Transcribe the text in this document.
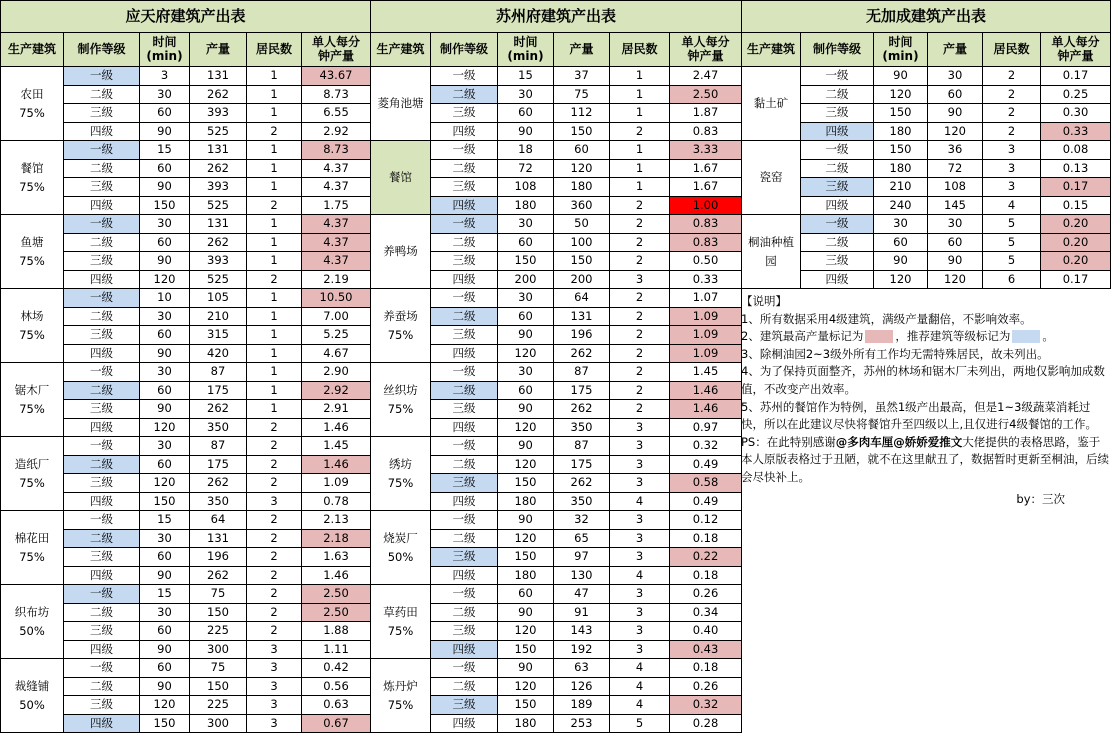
应天府建筑产出表					
生产建筑	制作等级	时间
(min)	产量	居民数	单人每分
钟产量
农田
75%	一级	3	131	1	43.67
	二级	30	262	1	8.73
	三级	60	393	1	6.55
	四级	90	525	2	2.92
餐馆
75%	一级	15	131	1	8.73
	二级	60	262	1	4.37
	三级	90	393	1	4.37
	四级	150	525	2	1.75
鱼塘
75%	一级	30	131	1	4.37
	二级	60	262	1	4.37
	三级	90	393	1	4.37
	四级	120	525	2	2.19
林场
75%	一级	10	105	1	10.50
	二级	30	210	1	7.00
	三级	60	315	1	5.25
	四级	90	420	1	4.67
锯木厂
75%	一级	30	87	1	2.90
	二级	60	175	1	2.92
	三级	90	262	1	2.91
	四级	120	350	2	1.46
造纸厂
75%	一级	30	87	2	1.45
	二级	60	175	2	1.46
	三级	120	262	2	1.09
	四级	150	350	3	0.78
棉花田
75%	一级	15	64	2	2.13
	二级	30	131	2	2.18
	三级	60	196	2	1.63
	四级	90	262	2	1.46
织布坊
50%	一级	15	75	2	2.50
	二级	30	150	2	2.50
	三级	60	225	2	1.88
	四级	90	300	3	1.11
裁缝铺
50%	一级	60	75	3	0.42
	二级	90	150	3	0.56
	三级	120	225	3	0.63
	四级	150	300	3	0.67
苏州府建筑产出表					
生产建筑	制作等级	时间
(min)	产量	居民数	单人每分
钟产量
菱角池塘	一级	15	37	1	2.47
	二级	30	75	1	2.50
	三级	60	112	1	1.87
	四级	90	150	2	0.83
餐馆	一级	18	60	1	3.33
	二级	72	120	1	1.67
	三级	108	180	1	1.67
	四级	180	360	2	1.00
养鸭场	一级	30	50	2	0.83
	二级	60	100	2	0.83
	三级	150	150	2	0.50
	四级	200	200	3	0.33
养蚕场
75%	一级	30	64	2	1.07
	二级	60	131	2	1.09
	三级	90	196	2	1.09
	四级	120	262	2	1.09
丝织坊
75%	一级	30	87	2	1.45
	二级	60	175	2	1.46
	三级	90	262	2	1.46
	四级	120	350	3	0.97
绣坊
75%	一级	90	87	3	0.32
	二级	120	175	3	0.49
	三级	150	262	3	0.58
	四级	180	350	4	0.49
烧炭厂
50%	一级	90	32	3	0.12
	二级	120	65	3	0.18
	三级	150	97	3	0.22
	四级	180	130	4	0.18
草药田
75%	一级	60	47	3	0.26
	二级	90	91	3	0.34
	三级	120	143	3	0.40
	四级	150	192	3	0.43
炼丹炉
75%	一级	90	63	4	0.18
	二级	120	126	4	0.26
	三级	150	189	4	0.32
	四级	180	253	5	0.28
无加成建筑产出表					
生产建筑	制作等级	时间
(min)	产量	居民数	单人每分
钟产量
黏土矿	一级	90	30	2	0.17
	二级	120	60	2	0.25
	三级	150	90	2	0.30
	四级	180	120	2	0.33
瓷窑	一级	150	36	3	0.08
	二级	180	72	3	0.13
	三级	210	108	3	0.17
	四级	240	145	4	0.15
桐油种植
园	一级	30	30	5	0.20
	二级	60	60	5	0.20
	三级	90	90	5	0.20
	四级	120	120	6	0.17

【说明】

1、所有数据采用4级建筑，满级产量翻倍，不影响效率。

2、建筑最高产量标记为	，推荐建筑等级标记为	。

3、除桐油园2~3级外所有工作均无需特殊居民，故未列出。

4、为了保持页面整齐，苏州的林场和锯木厂未列出，两地仅影响加成数值，不改变产出效率。

5、苏州的餐馆作为特例，虽然1级产出最高，但是1~3级蔬菜消耗过快，所以在此建议尽快将餐馆升至四级以上,且仅进行4级餐馆的工作。

PS：在此特别感谢@多肉车厘@娇娇爱推文大佬提供的表格思路，鉴于本人原版表格过于丑陋，就不在这里献丑了，数据暂时更新至桐油，后续会尽快补上。

by：三次
